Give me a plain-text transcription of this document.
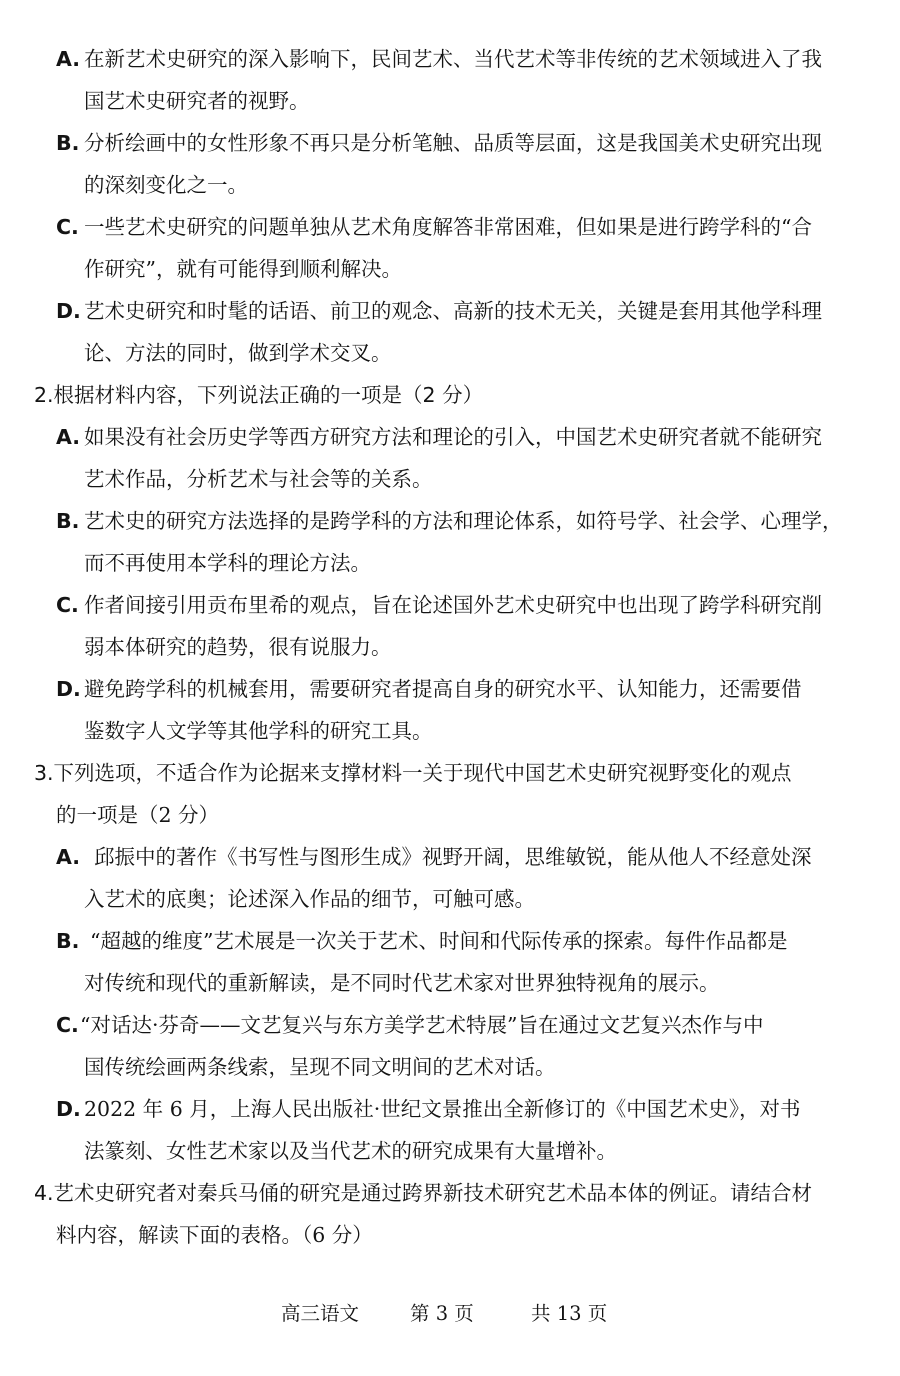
A. 在新艺术史研究的深入影响下，民间艺术、当代艺术等非传统的艺术领域进入了我
国艺术史研究者的视野。
B. 分析绘画中的女性形象不再只是分析笔触、品质等层面，这是我国美术史研究出现
的深刻变化之一。
C. 一些艺术史研究的问题单独从艺术角度解答非常困难，但如果是进行跨学科的“合
作研究”，就有可能得到顺利解决。
D. 艺术史研究和时髦的话语、前卫的观念、高新的技术无关，关键是套用其他学科理
论、方法的同时，做到学术交叉。
2.根据材料内容，下列说法正确的一项是（2 分）
A. 如果没有社会历史学等西方研究方法和理论的引入，中国艺术史研究者就不能研究
艺术作品，分析艺术与社会等的关系。
B. 艺术史的研究方法选择的是跨学科的方法和理论体系，如符号学、社会学、心理学，
而不再使用本学科的理论方法。
C. 作者间接引用贡布里希的观点，旨在论述国外艺术史研究中也出现了跨学科研究削
弱本体研究的趋势，很有说服力。
D. 避免跨学科的机械套用，需要研究者提高自身的研究水平、认知能力，还需要借
鉴数字人文学等其他学科的研究工具。
3.下列选项，不适合作为论据来支撑材料一关于现代中国艺术史研究视野变化的观点
的一项是（2 分）
A. 邱振中的著作《书写性与图形生成》视野开阔，思维敏锐，能从他人不经意处深
入艺术的底奥；论述深入作品的细节，可触可感。
B. “超越的维度”艺术展是一次关于艺术、时间和代际传承的探索。每件作品都是
对传统和现代的重新解读，是不同时代艺术家对世界独特视角的展示。
C. “对话达·芬奇——文艺复兴与东方美学艺术特展”旨在通过文艺复兴杰作与中
国传统绘画两条线索，呈现不同文明间的艺术对话。
D. 2022 年 6 月，上海人民出版社·世纪文景推出全新修订的《中国艺术史》，对书
法篆刻、女性艺术家以及当代艺术的研究成果有大量增补。
4.艺术史研究者对秦兵马俑的研究是通过跨界新技术研究艺术品本体的例证。请结合材
料内容，解读下面的表格。（6 分）
高三语文	第 3 页	共 13 页
